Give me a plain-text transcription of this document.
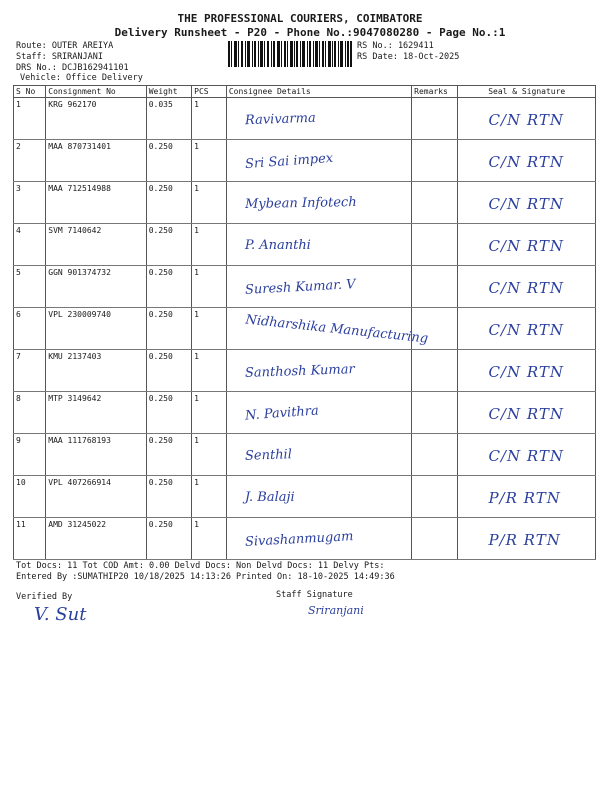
THE PROFESSIONAL COURIERS, COIMBATORE
Delivery Runsheet - P20 - Phone No.:9047080280 - Page No.:1
Route: OUTER AREIYA
Staff: SRIRANJANI
DRS No.: DCJB162941101
Vehicle: Office Delivery
RS No.: 1629411
RS Date: 18-Oct-2025
S No	Consignment No	Weight	PCS	Consignee Details	Remarks	Seal & Signature
1	KRG 962170	0.035	1	Ravivarma		C/N RTN

2	MAA 870731401	0.250	1	Sri Sai impex		C/N RTN

3	MAA 712514988	0.250	1	Mybean Infotech		C/N RTN

4	SVM 7140642	0.250	1	P. Ananthi		C/N RTN

5	GGN 901374732	0.250	1	Suresh Kumar. V		C/N RTN

6	VPL 230009740	0.250	1	Nidharshika Manufacturing		C/N RTN

7	KMU 2137403	0.250	1	Santhosh Kumar		C/N RTN

8	MTP 3149642	0.250	1	N. Pavithra		C/N RTN

9	MAA 111768193	0.250	1	Senthil		C/N RTN

10	VPL 407266914	0.250	1	J. Balaji		P/R RTN

11	AMD 31245022	0.250	1	Sivashanmugam		P/R RTN
Tot Docs: 11 Tot COD Amt: 0.00 Delvd Docs: Non Delvd Docs: 11 Delvy Pts:
Entered By :SUMATHIP20 10/18/2025 14:13:26 Printed On: 18-10-2025 14:49:36
Verified By
V. Sut
Staff Signature
Sriranjani
